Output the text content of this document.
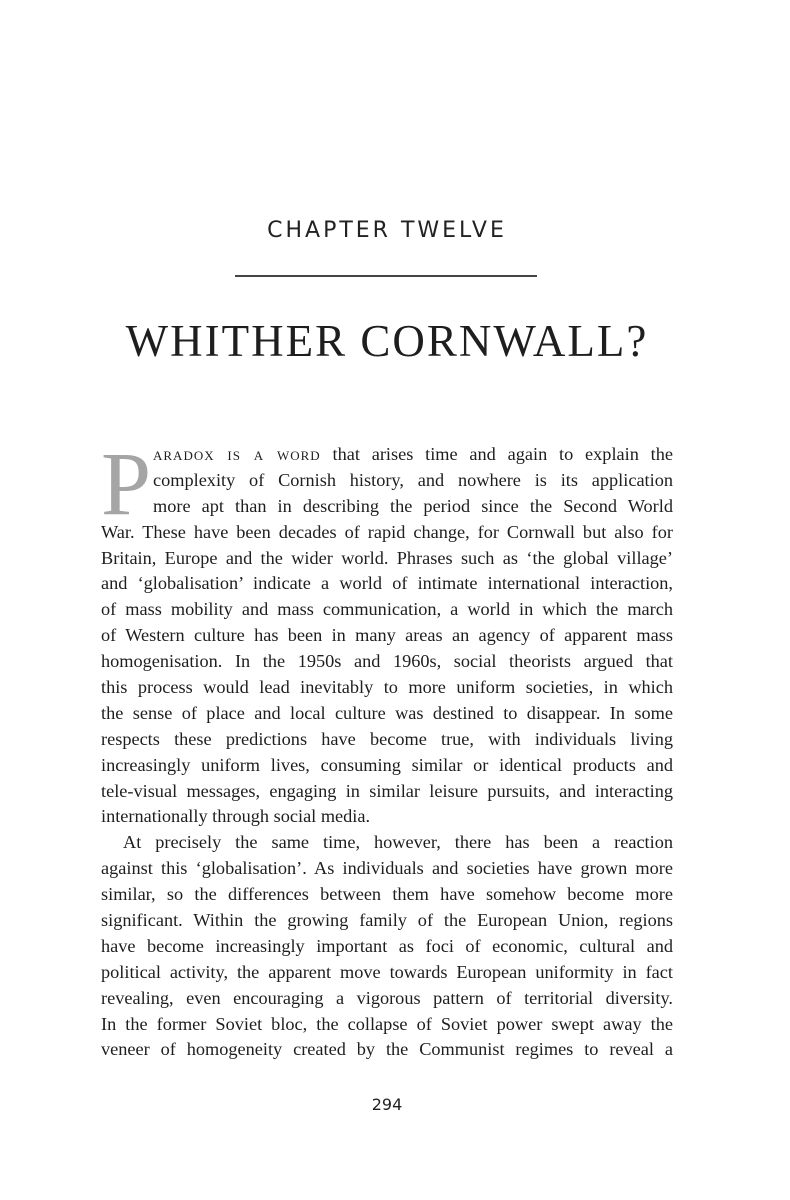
CHAPTER TWELVE
WHITHER CORNWALL?
P aradox is a word that arises time and again to explain the
complexity of Cornish history, and nowhere is its application
more apt than in describing the period since the Second World
War. These have been decades of rapid change, for Cornwall but also for
Britain, Europe and the wider world. Phrases such as ‘the global village’
and ‘globalisation’ indicate a world of intimate international interaction,
of mass mobility and mass communication, a world in which the march
of Western culture has been in many areas an agency of apparent mass
homogenisation. In the 1950s and 1960s, social theorists argued that
this process would lead inevitably to more uniform societies, in which
the sense of place and local culture was destined to disappear. In some
respects these predictions have become true, with individuals living
increasingly uniform lives, consuming similar or identical products and
tele-visual messages, engaging in similar leisure pursuits, and interacting
internationally through social media.
At precisely the same time, however, there has been a reaction
against this ‘globalisation’. As individuals and societies have grown more
similar, so the differences between them have somehow become more
significant. Within the growing family of the European Union, regions
have become increasingly important as foci of economic, cultural and
political activity, the apparent move towards European uniformity in fact
revealing, even encouraging a vigorous pattern of territorial diversity.
In the former Soviet bloc, the collapse of Soviet power swept away the
veneer of homogeneity created by the Communist regimes to reveal a
294
